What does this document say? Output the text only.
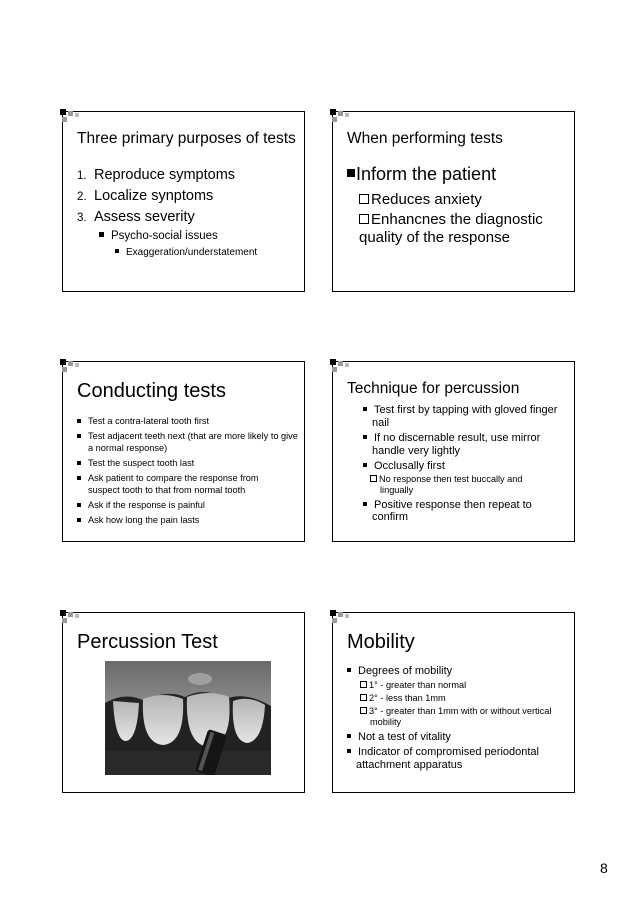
Three primary purposes of tests
1. Reproduce symptoms
2. Localize synptoms
3. Assess severity
Psycho-social issues
Exaggeration/understatement
When performing tests
Inform the patient
Reduces anxiety
Enhancnes the diagnostic quality of the response
Conducting tests
Test a contra-lateral tooth first
Test adjacent teeth next (that are more likely to give a normal response)
Test the suspect tooth last
Ask patient to compare the response from suspect tooth to that from normal tooth
Ask if the response is painful
Ask how long the pain lasts
Technique for percussion
Test first by tapping with gloved finger nail
If no discernable result, use mirror handle very lightly
Occlusally first
No response then test buccally and lingually
Positive response then repeat to confirm
Percussion Test	Mobility
Degrees of mobility
1° - greater than normal
2° - less than 1mm
3° - greater than 1mm with or without vertical mobility
Not a test of vitality
Indicator of compromised periodontal attachment apparatus
8
